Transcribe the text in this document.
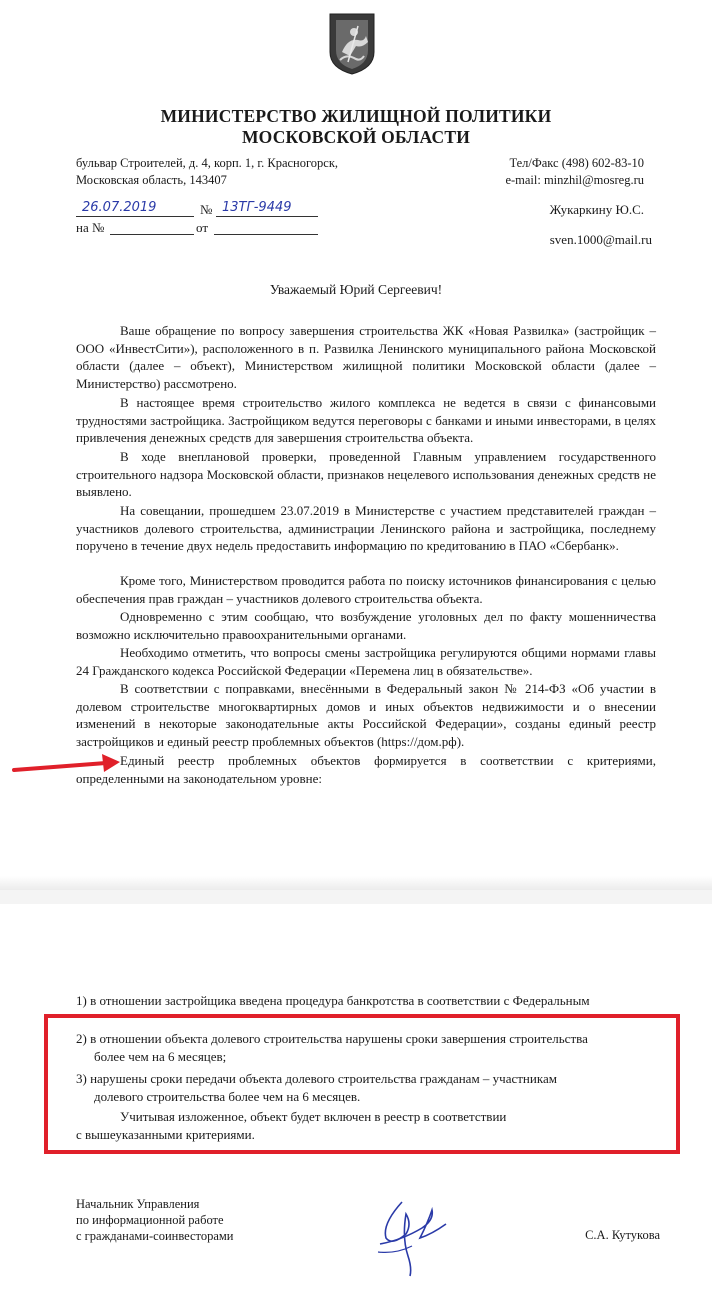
МИНИСТЕРСТВО ЖИЛИЩНОЙ ПОЛИТИКИ
МОСКОВСКОЙ ОБЛАСТИ
бульвар Строителей, д. 4, корп. 1, г. Красногорск,
Московская область, 143407
Тел/Факс (498) 602-83-10
e-mail: minzhil@mosreg.ru
26.07.2019	№ 13ТГ-9449
на №	от
Жукаркину Ю.С.
sven.1000@mail.ru
Уважаемый Юрий Сергеевич!

Ваше обращение по вопросу завершения строительства ЖК «Новая Развилка» (застройщик – ООО «ИнвестСити»), расположенного в п. Развилка Ленинского муниципального района Московской области (далее – объект), Министерством жилищной политики Московской области (далее – Министерство) рассмотрено.

В настоящее время строительство жилого комплекса не ведется в связи с финансовыми трудностями застройщика. Застройщиком ведутся переговоры с банками и иными инвесторами, в целях привлечения денежных средств для завершения строительства объекта.

В ходе внеплановой проверки, проведенной Главным управлением государственного строительного надзора Московской области, признаков нецелевого использования денежных средств не выявлено.

На совещании, прошедшем 23.07.2019 в Министерстве с участием представителей граждан – участников долевого строительства, администрации Ленинского района и застройщика, последнему поручено в течение двух недель предоставить информацию по кредитованию в ПАО «Сбербанк».

Кроме того, Министерством проводится работа по поиску источников финансирования с целью обеспечения прав граждан – участников долевого строительства объекта.

Одновременно с этим сообщаю, что возбуждение уголовных дел по факту мошенничества возможно исключительно правоохранительными органами.

Необходимо отметить, что вопросы смены застройщика регулируются общими нормами главы 24 Гражданского кодекса Российской Федерации «Перемена лиц в обязательстве».

В соответствии с поправками, внесёнными в Федеральный закон № 214-ФЗ «Об участии в долевом строительстве многоквартирных домов и иных объектов недвижимости и о внесении изменений в некоторые законодательные акты Российской Федерации», созданы единый реестр застройщиков и единый реестр проблемных объектов (https://дом.рф).

Единый реестр проблемных объектов формируется в соответствии с критериями, определенными на законодательном уровне:

1) в отношении застройщика введена процедура банкротства в соответствии с Федеральным
2) в отношении объекта долевого строительства нарушены сроки завершения строительства
более чем на 6 месяцев;
3) нарушены сроки передачи объекта долевого строительства гражданам – участникам
долевого строительства более чем на 6 месяцев.
Учитывая изложенное, объект будет включен в реестр в соответствии
с вышеуказанными критериями.
Начальник Управления
по информационной работе
с гражданами-соинвесторами	С.А. Кутукова
